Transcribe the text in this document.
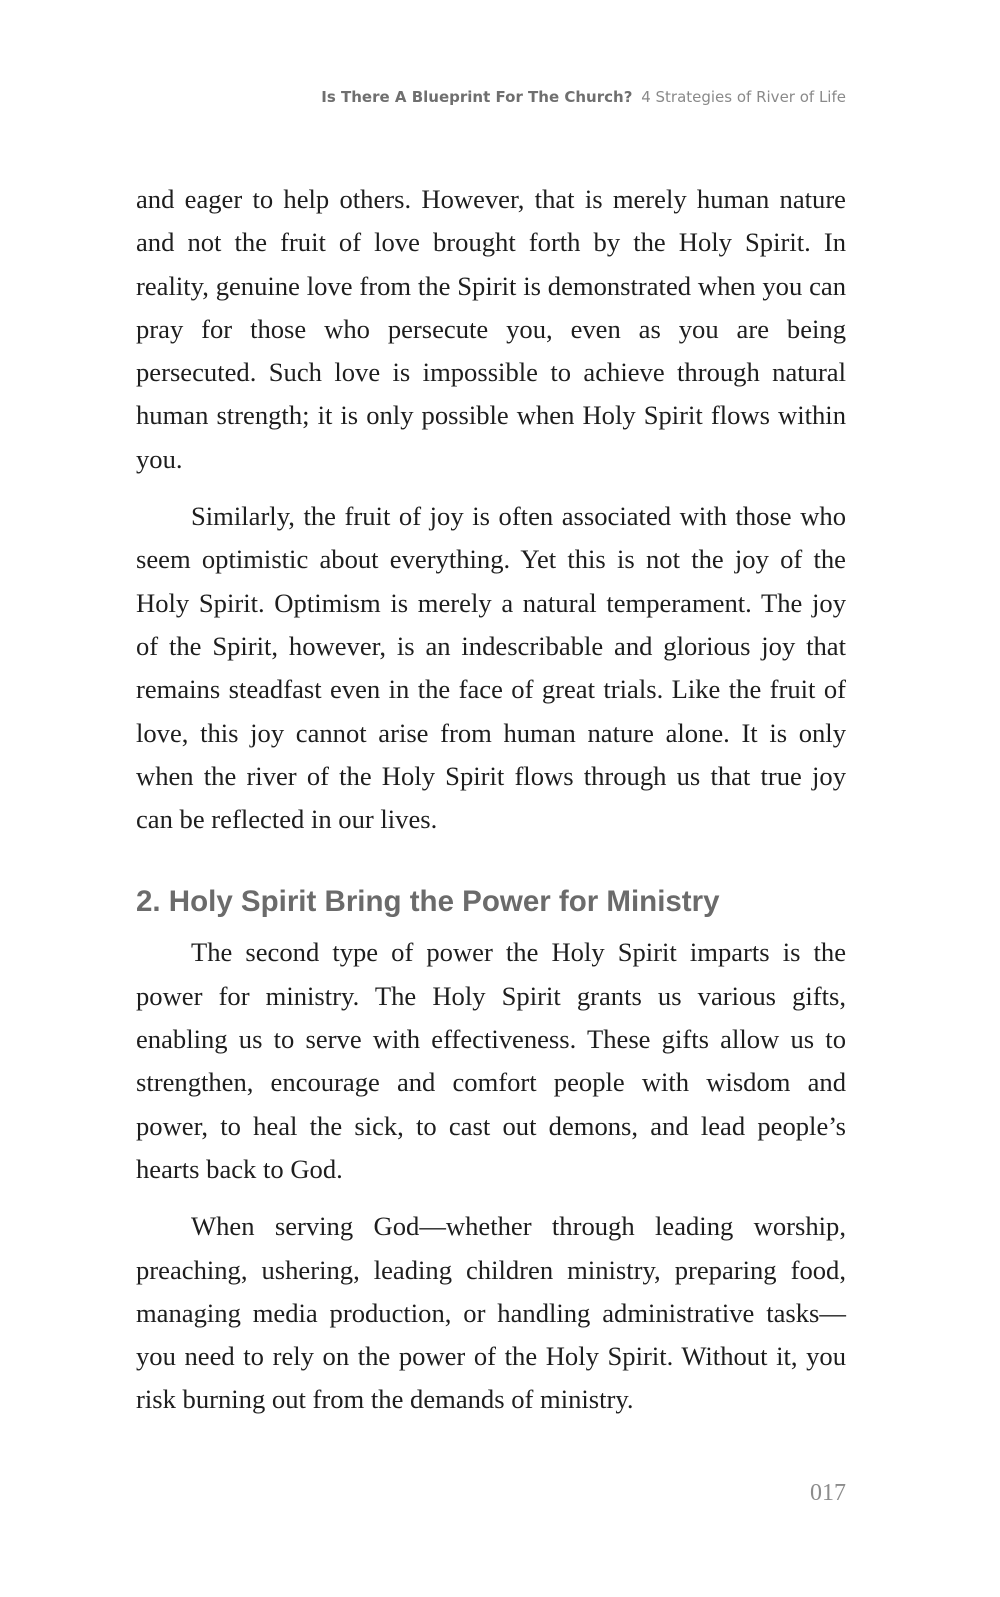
Is There A Blueprint For The Church? 4 Strategies of River of Life

and eager to help others. However, that is merely human nature and not the fruit of love brought forth by the Holy Spirit. In reality, genuine love from the Spirit is demonstrated when you can pray for those who persecute you, even as you are being persecuted. Such love is impossible to achieve through natural human strength; it is only possible when Holy Spirit flows within you.

Similarly, the fruit of joy is often associated with those who seem optimistic about everything. Yet this is not the joy of the Holy Spirit. Optimism is merely a natural temperament. The joy of the Spirit, however, is an indescribable and glorious joy that remains steadfast even in the face of great trials. Like the fruit of love, this joy cannot arise from human nature alone. It is only when the river of the Holy Spirit flows through us that true joy can be reflected in our lives.

2. Holy Spirit Bring the Power for Ministry

The second type of power the Holy Spirit imparts is the power for ministry. The Holy Spirit grants us various gifts, enabling us to serve with effectiveness. These gifts allow us to strengthen, encourage and comfort people with wisdom and power, to heal the sick, to cast out demons, and lead people’s hearts back to God.

When serving God—whether through leading worship, preaching, ushering, leading children ministry, preparing food, managing media production, or handling administrative tasks—you need to rely on the power of the Holy Spirit. Without it, you risk burning out from the demands of ministry.

017
